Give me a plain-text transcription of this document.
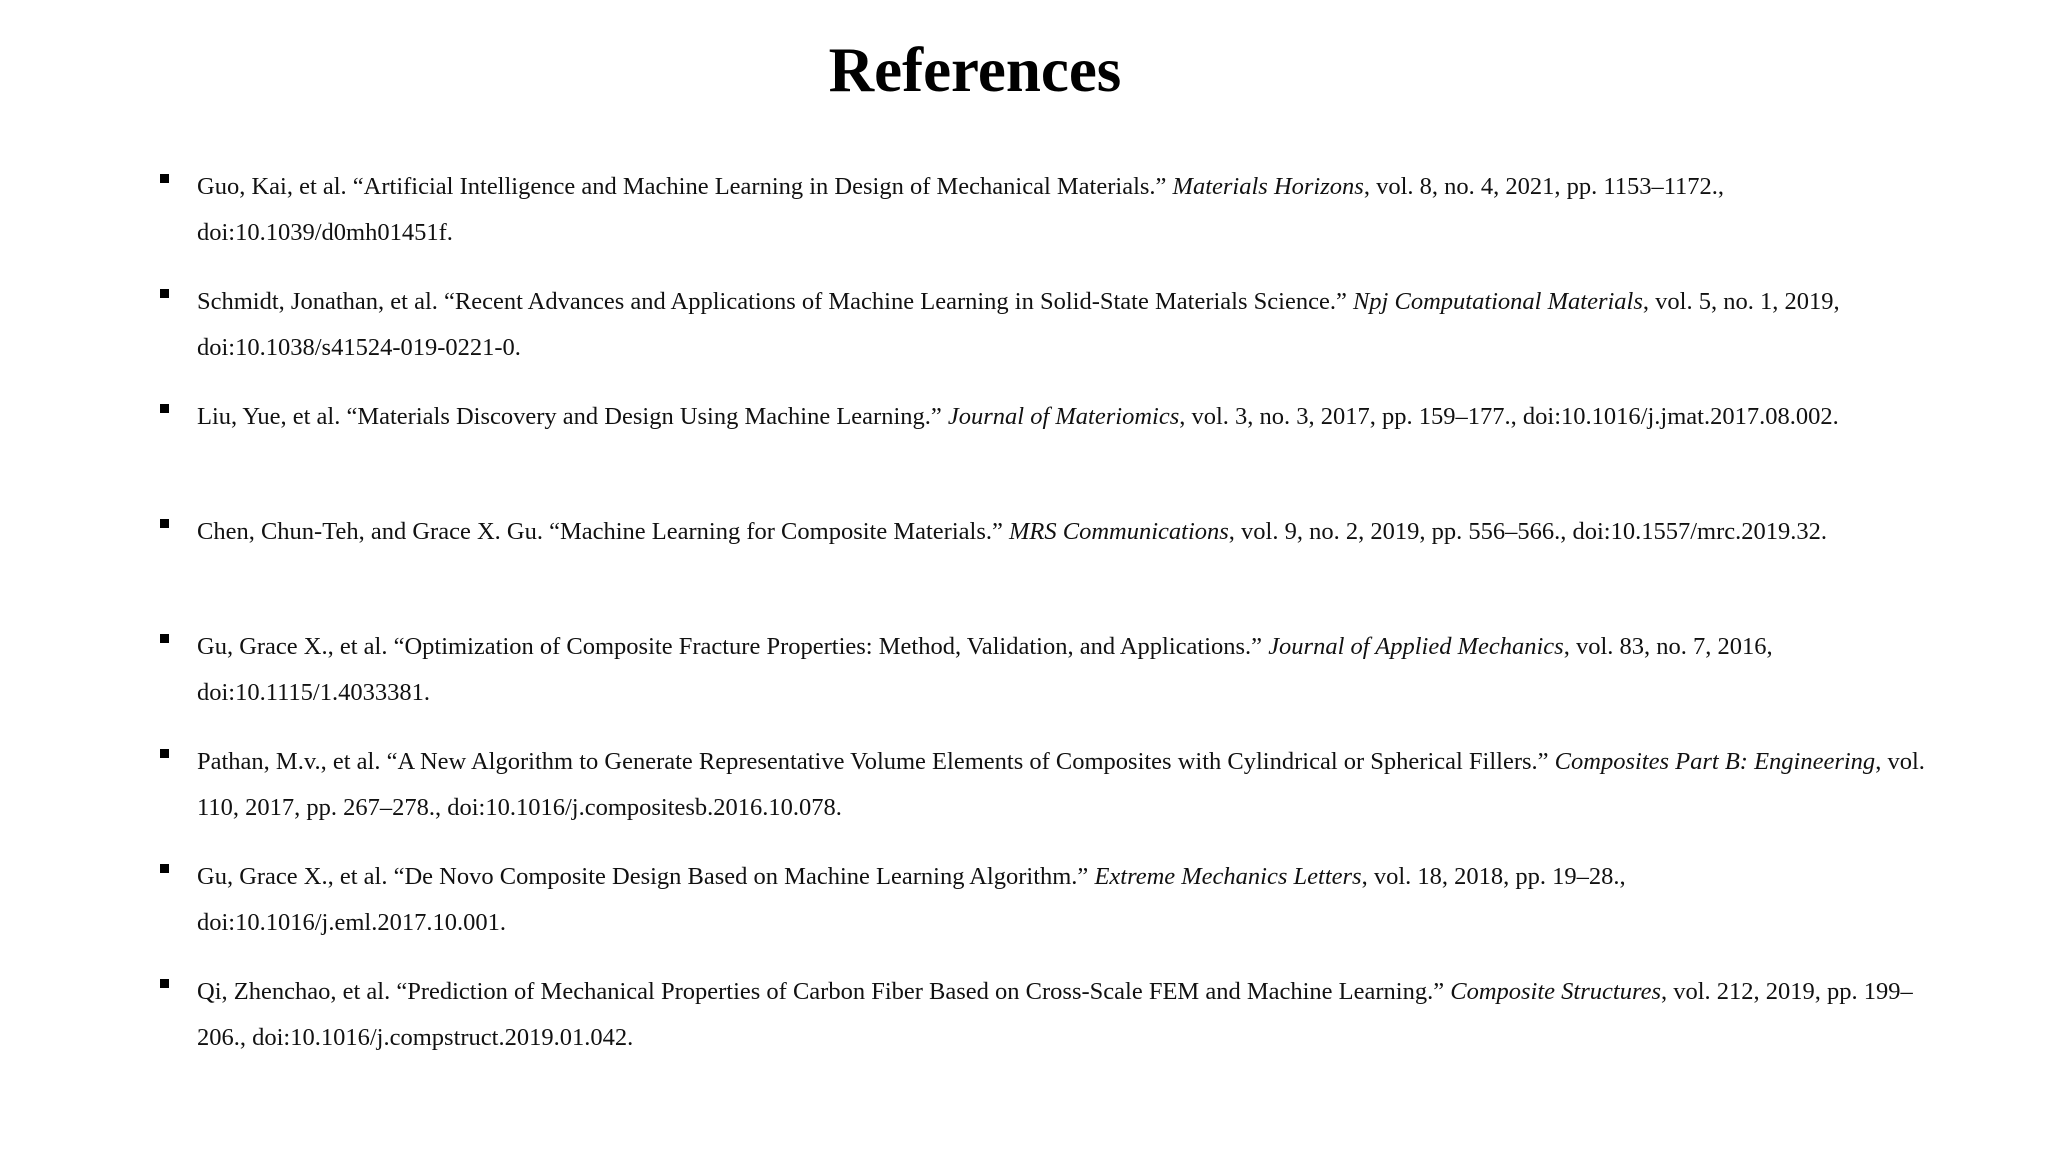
References
Guo, Kai, et al. “Artificial Intelligence and Machine Learning in Design of Mechanical Materials.” Materials Horizons, vol. 8, no. 4, 2021, pp. 1153–1172., doi:10.1039/d0mh01451f.
Schmidt, Jonathan, et al. “Recent Advances and Applications of Machine Learning in Solid-State Materials Science.” Npj Computational Materials, vol. 5, no. 1, 2019, doi:10.1038/s41524-019-0221-0.
Liu, Yue, et al. “Materials Discovery and Design Using Machine Learning.” Journal of Materiomics, vol. 3, no. 3, 2017, pp. 159–177., doi:10.1016/j.jmat.2017.08.002.
Chen, Chun-Teh, and Grace X. Gu. “Machine Learning for Composite Materials.” MRS Communications, vol. 9, no. 2, 2019, pp. 556–566., doi:10.1557/mrc.2019.32.
Gu, Grace X., et al. “Optimization of Composite Fracture Properties: Method, Validation, and Applications.” Journal of Applied Mechanics, vol. 83, no. 7, 2016, doi:10.1115/1.4033381.
Pathan, M.v., et al. “A New Algorithm to Generate Representative Volume Elements of Composites with Cylindrical or Spherical Fillers.” Composites Part B: Engineering, vol. 110, 2017, pp. 267–278., doi:10.1016/j.compositesb.2016.10.078.
Gu, Grace X., et al. “De Novo Composite Design Based on Machine Learning Algorithm.” Extreme Mechanics Letters, vol. 18, 2018, pp. 19–28., doi:10.1016/j.eml.2017.10.001.
Qi, Zhenchao, et al. “Prediction of Mechanical Properties of Carbon Fiber Based on Cross-Scale FEM and Machine Learning.” Composite Structures, vol. 212, 2019, pp. 199–206., doi:10.1016/j.compstruct.2019.01.042.
